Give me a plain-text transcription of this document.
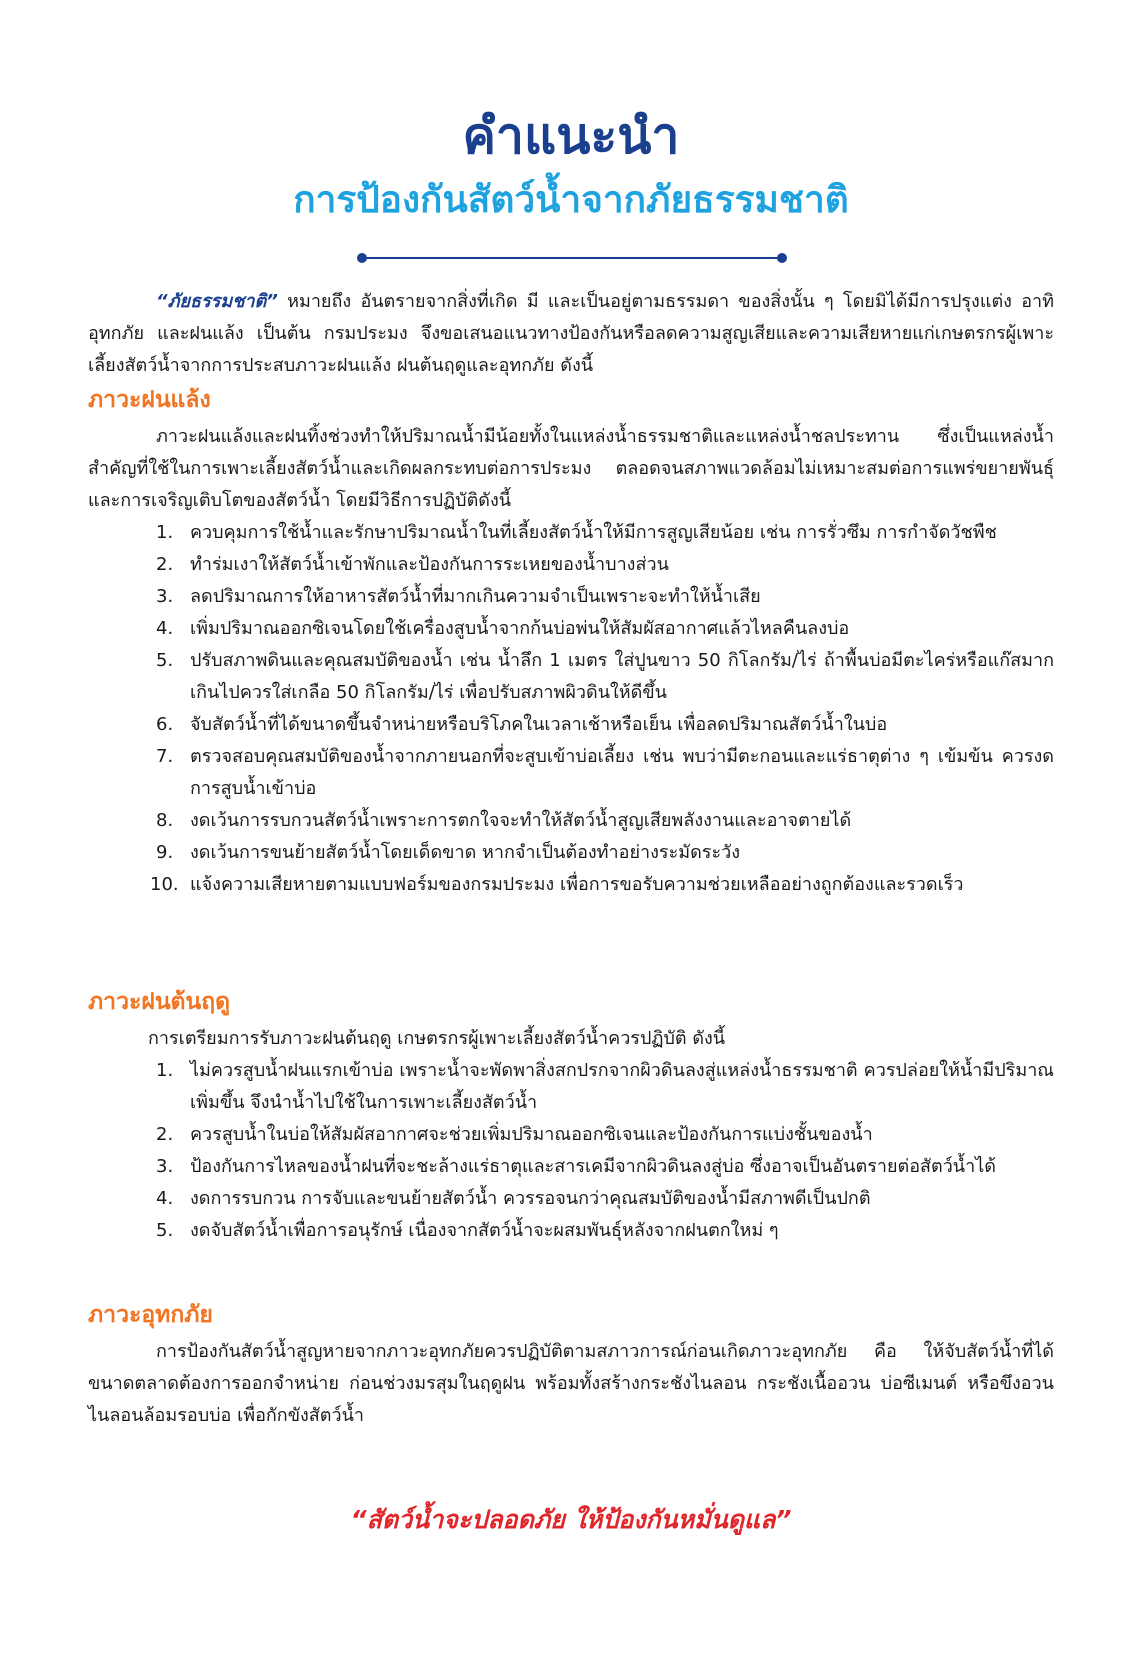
คำแนะนำ
การป้องกันสัตว์น้ำจากภัยธรรมชาติ

“ภัยธรรมชาติ” หมายถึง อันตรายจากสิ่งที่เกิด มี และเป็นอยู่ตามธรรมดา ของสิ่งนั้น ๆ โดยมิได้มีการปรุงแต่ง อาทิ อุทกภัย และฝนแล้ง เป็นต้น กรมประมง จึงขอเสนอแนวทางป้องกันหรือลดความสูญเสียและความเสียหายแก่เกษตรกรผู้เพาะเลี้ยงสัตว์น้ำจากการประสบภาวะฝนแล้ง ฝนต้นฤดูและอุทกภัย ดังนี้

ภาวะฝนแล้ง

ภาวะฝนแล้งและฝนทิ้งช่วงทำให้ปริมาณน้ำมีน้อยทั้งในแหล่งน้ำธรรมชาติและแหล่งน้ำชลประทาน ซึ่งเป็นแหล่งน้ำสำคัญที่ใช้ในการเพาะเลี้ยงสัตว์น้ำและเกิดผลกระทบต่อการประมง ตลอดจนสภาพแวดล้อมไม่เหมาะสมต่อการแพร่ขยายพันธุ์และการเจริญเติบโตของสัตว์น้ำ โดยมีวิธีการปฏิบัติดังนี้

1. ควบคุมการใช้น้ำและรักษาปริมาณน้ำในที่เลี้ยงสัตว์น้ำให้มีการสูญเสียน้อย เช่น การรั่วซึม การกำจัดวัชพืช
2. ทำร่มเงาให้สัตว์น้ำเข้าพักและป้องกันการระเหยของน้ำบางส่วน
3. ลดปริมาณการให้อาหารสัตว์น้ำที่มากเกินความจำเป็นเพราะจะทำให้น้ำเสีย
4. เพิ่มปริมาณออกซิเจนโดยใช้เครื่องสูบน้ำจากก้นบ่อพ่นให้สัมผัสอากาศแล้วไหลคืนลงบ่อ
5. ปรับสภาพดินและคุณสมบัติของน้ำ เช่น น้ำลึก 1 เมตร ใส่ปูนขาว 50 กิโลกรัม/ไร่ ถ้าพื้นบ่อมีตะไคร่หรือแก๊สมากเกินไปควรใส่เกลือ 50 กิโลกรัม/ไร่ เพื่อปรับสภาพผิวดินให้ดีขึ้น
6. จับสัตว์น้ำที่ได้ขนาดขึ้นจำหน่ายหรือบริโภคในเวลาเช้าหรือเย็น เพื่อลดปริมาณสัตว์น้ำในบ่อ
7. ตรวจสอบคุณสมบัติของน้ำจากภายนอกที่จะสูบเข้าบ่อเลี้ยง เช่น พบว่ามีตะกอนและแร่ธาตุต่าง ๆ เข้มข้น ควรงดการสูบน้ำเข้าบ่อ
8. งดเว้นการรบกวนสัตว์น้ำเพราะการตกใจจะทำให้สัตว์น้ำสูญเสียพลังงานและอาจตายได้
9. งดเว้นการขนย้ายสัตว์น้ำโดยเด็ดขาด หากจำเป็นต้องทำอย่างระมัดระวัง
10. แจ้งความเสียหายตามแบบฟอร์มของกรมประมง เพื่อการขอรับความช่วยเหลืออย่างถูกต้องและรวดเร็ว
ภาวะฝนต้นฤดู

การเตรียมการรับภาวะฝนต้นฤดู เกษตรกรผู้เพาะเลี้ยงสัตว์น้ำควรปฏิบัติ ดังนี้

1. ไม่ควรสูบน้ำฝนแรกเข้าบ่อ เพราะน้ำจะพัดพาสิ่งสกปรกจากผิวดินลงสู่แหล่งน้ำธรรมชาติ ควรปล่อยให้น้ำมีปริมาณเพิ่มขึ้น จึงนำน้ำไปใช้ในการเพาะเลี้ยงสัตว์น้ำ
2. ควรสูบน้ำในบ่อให้สัมผัสอากาศจะช่วยเพิ่มปริมาณออกซิเจนและป้องกันการแบ่งชั้นของน้ำ
3. ป้องกันการไหลของน้ำฝนที่จะชะล้างแร่ธาตุและสารเคมีจากผิวดินลงสู่บ่อ ซึ่งอาจเป็นอันตรายต่อสัตว์น้ำได้
4. งดการรบกวน การจับและขนย้ายสัตว์น้ำ ควรรอจนกว่าคุณสมบัติของน้ำมีสภาพดีเป็นปกติ
5. งดจับสัตว์น้ำเพื่อการอนุรักษ์ เนื่องจากสัตว์น้ำจะผสมพันธุ์หลังจากฝนตกใหม่ ๆ
ภาวะอุทกภัย

การป้องกันสัตว์น้ำสูญหายจากภาวะอุทกภัยควรปฏิบัติตามสภาวการณ์ก่อนเกิดภาวะอุทกภัย คือ ให้จับสัตว์น้ำที่ได้ขนาดตลาดต้องการออกจำหน่าย ก่อนช่วงมรสุมในฤดูฝน พร้อมทั้งสร้างกระชังไนลอน กระชังเนื้ออวน บ่อซีเมนต์ หรือขึงอวนไนลอนล้อมรอบบ่อ เพื่อกักขังสัตว์น้ำ

“สัตว์น้ำจะปลอดภัย ให้ป้องกันหมั่นดูแล”
